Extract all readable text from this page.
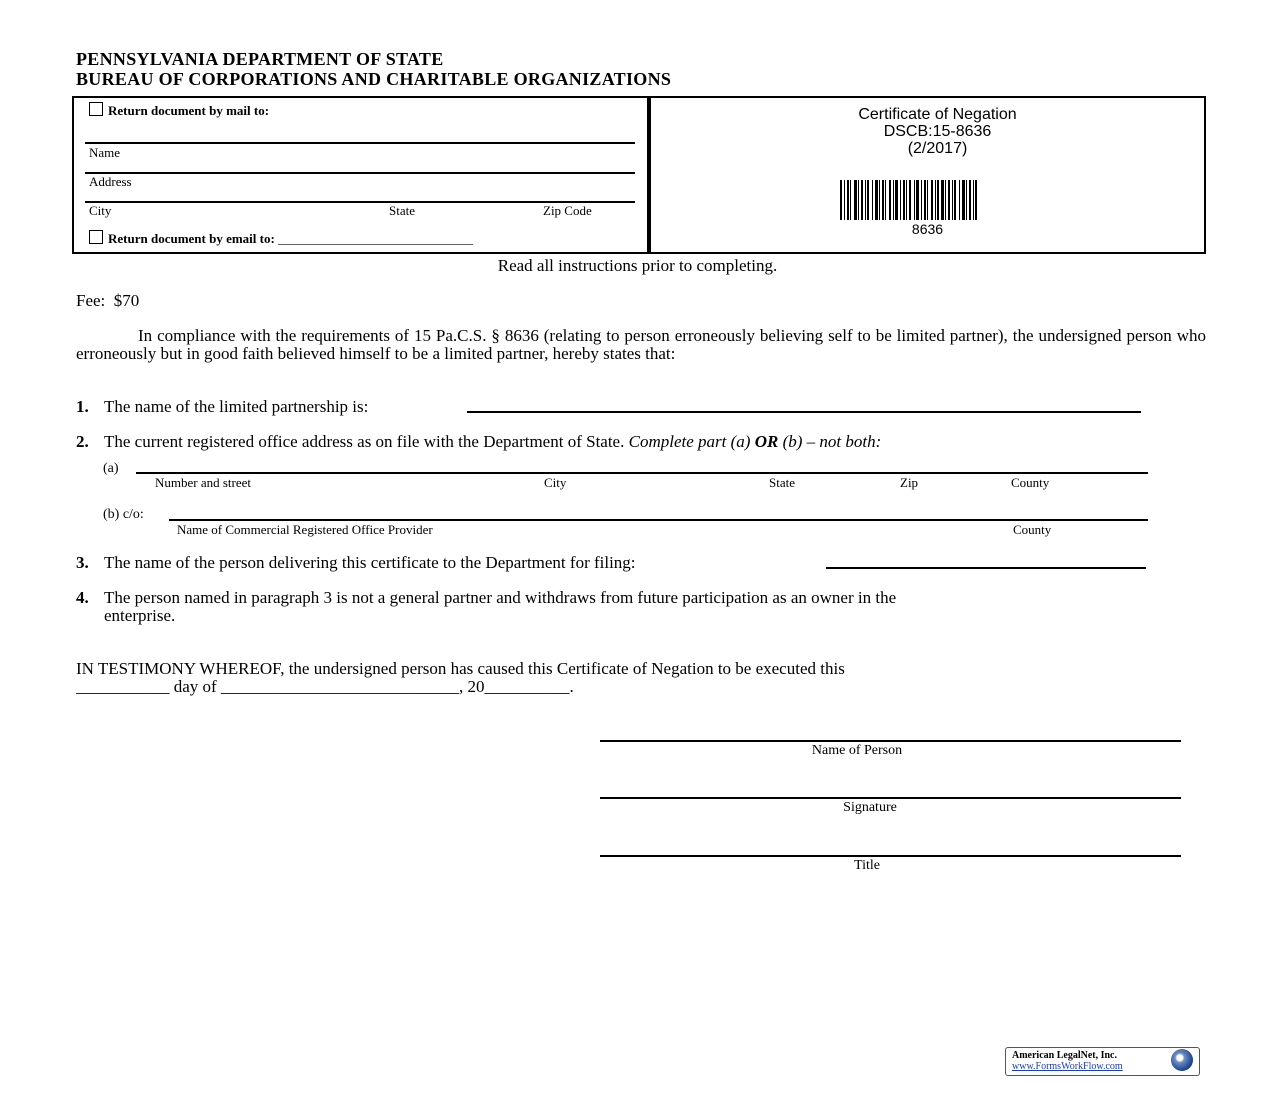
PENNSYLVANIA DEPARTMENT OF STATE
BUREAU OF CORPORATIONS AND CHARITABLE ORGANIZATIONS
Return document by mail to:
Name
Address
City	State	Zip Code
Return document by email to: ______________________________
Certificate of Negation
DSCB:15-8636
(2/2017)
8636
Read all instructions prior to completing.
Fee:  $70
In compliance with the requirements of 15 Pa.C.S. § 8636 (relating to person erroneously believing self to be limited partner), the undersigned person who erroneously but in good faith believed himself to be a limited partner, hereby states that:
1. The name of the limited partnership is:
2. The current registered office address as on file with the Department of State. Complete part (a) OR (b) – not both:
(a)
Number and street	City	State	Zip	County
(b) c/o:
Name of Commercial Registered Office Provider	County
3. The name of the person delivering this certificate to the Department for filing:
4. The person named in paragraph 3 is not a general partner and withdraws from future participation as an owner in the
enterprise.
IN TESTIMONY WHEREOF, the undersigned person has caused this Certificate of Negation to be executed this
___________ day of ____________________________, 20__________.
Name of Person
Signature
Title
American LegalNet, Inc.
www.FormsWorkFlow.com
